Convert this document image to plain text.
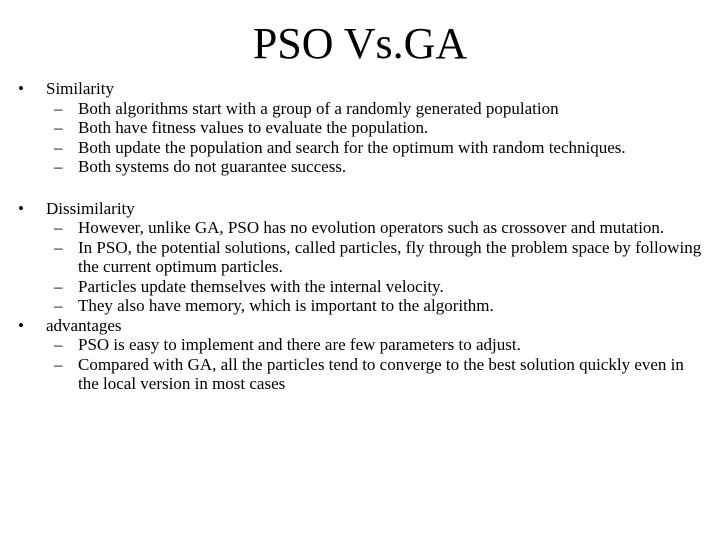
PSO Vs.GA
•	Similarity
– Both algorithms start with a group of a randomly generated population
– Both have fitness values to evaluate the population.
– Both update the population and search for the optimum with random techniques.
– Both systems do not guarantee success.
•	Dissimilarity
– However, unlike GA, PSO has no evolution operators such as crossover and mutation.
– In PSO, the potential solutions, called particles, fly through the problem space by following the current optimum particles.
– Particles update themselves with the internal velocity.
– They also have memory, which is important to the algorithm.
•	advantages
– PSO is easy to implement and there are few parameters to adjust.
– Compared with GA, all the particles tend to converge to the best solution quickly even in the local version in most cases
